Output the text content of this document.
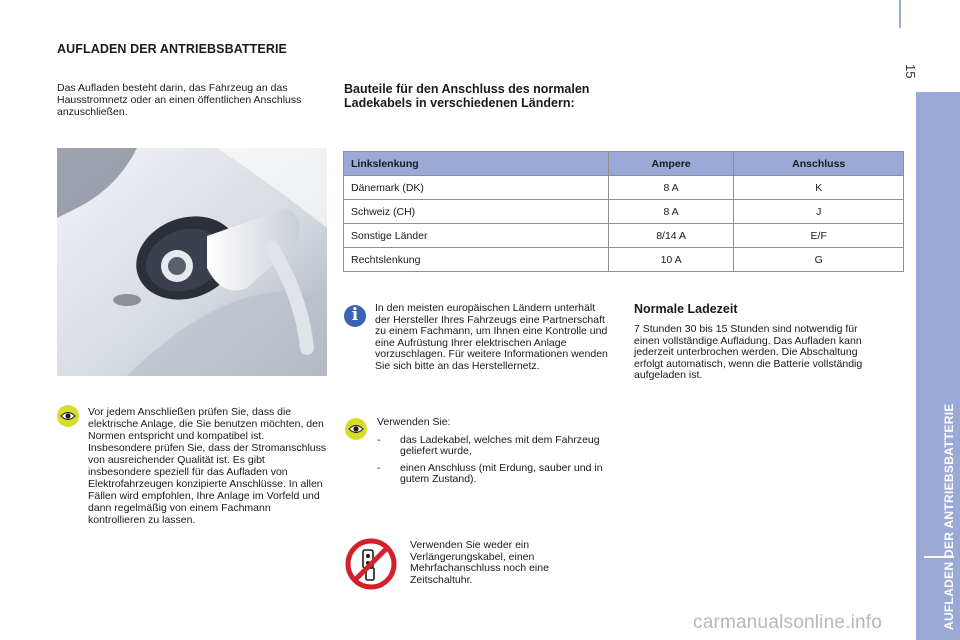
AUFLADEN DER ANTRIEBSBATTERIE
15
AUFLADEN DER ANTRIEBSBATTERIE
Das Aufladen besteht darin, das Fahrzeug an das Hausstromnetz oder an einen öffentlichen Anschluss anzuschließen.
Vor jedem Anschließen prüfen Sie, dass die elektrische Anlage, die Sie benutzen möchten, den Normen entspricht und kompatibel ist. Insbesondere prüfen Sie, dass der Stromanschluss von ausreichender Qualität ist. Es gibt insbesondere speziell für das Aufladen von Elektrofahrzeugen konzipierte Anschlüsse. In allen Fällen wird empfohlen, Ihre Anlage im Vorfeld und dann regelmäßig von einem Fachmann kontrollieren zu lassen.
Bauteile für den Anschluss des normalen
Ladekabels in verschiedenen Ländern:
Linkslenkung	Ampere	Anschluss
Dänemark (DK)	8 A	K
Schweiz (CH)	8 A	J
Sonstige Länder	8/14 A	E/F
Rechtslenkung	10 A	G
i	In den meisten europäischen Ländern unterhält der Hersteller Ihres Fahrzeugs eine Partnerschaft zu einem Fachmann, um Ihnen eine Kontrolle und eine Aufrüstung Ihrer elektrischen Anlage vorzuschlagen. Für weitere Informationen wenden Sie sich bitte an das Herstellernetz.
Normale Ladezeit
7 Stunden 30 bis 15 Stunden sind notwendig für einen vollständige Aufladung. Das Aufladen kann jederzeit unterbrochen werden. Die Abschaltung erfolgt automatisch, wenn die Batterie vollständig aufgeladen ist.
Verwenden Sie:
-	das Ladekabel, welches mit dem Fahrzeug geliefert wurde,
-	einen Anschluss (mit Erdung, sauber und in gutem Zustand).
Verwenden Sie weder ein Verlängerungskabel, einen Mehrfachanschluss noch eine Zeitschaltuhr.
carmanualsonline.info
